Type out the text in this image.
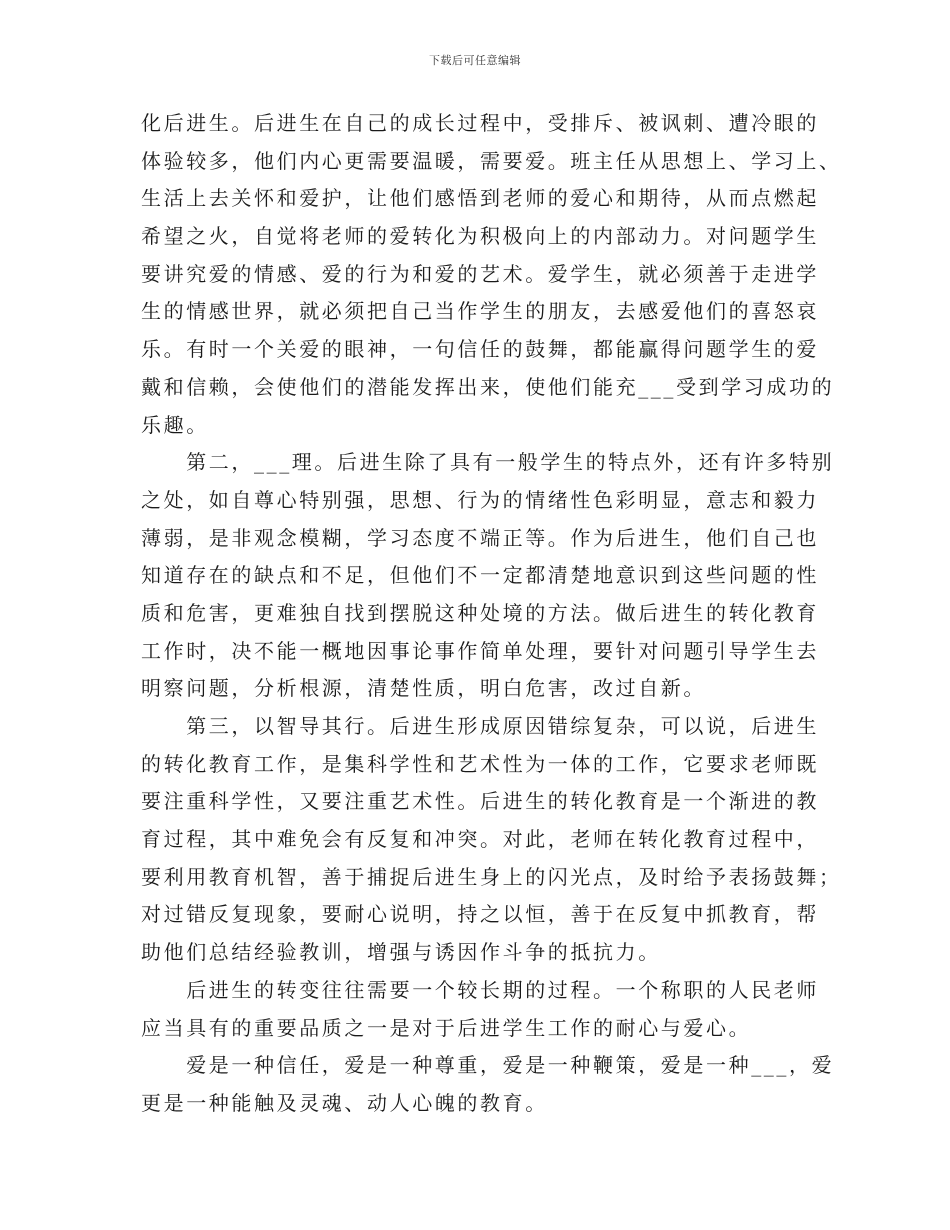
下载后可任意编辑
化后进生。后进生在自己的成长过程中，受排斥、被讽刺、遭冷眼的
体验较多，他们内心更需要温暖，需要爱。班主任从思想上、学习上、
生活上去关怀和爱护，让他们感悟到老师的爱心和期待，从而点燃起
希望之火，自觉将老师的爱转化为积极向上的内部动力。对问题学生
要讲究爱的情感、爱的行为和爱的艺术。爱学生，就必须善于走进学
生的情感世界，就必须把自己当作学生的朋友，去感爱他们的喜怒哀
乐。有时一个关爱的眼神，一句信任的鼓舞，都能赢得问题学生的爱
戴和信赖，会使他们的潜能发挥出来，使他们能充___受到学习成功的
乐趣。
　　第二，___理。后进生除了具有一般学生的特点外，还有许多特别
之处，如自尊心特别强，思想、行为的情绪性色彩明显，意志和毅力
薄弱，是非观念模糊，学习态度不端正等。作为后进生，他们自己也
知道存在的缺点和不足，但他们不一定都清楚地意识到这些问题的性
质和危害，更难独自找到摆脱这种处境的方法。做后进生的转化教育
工作时，决不能一概地因事论事作简单处理，要针对问题引导学生去
明察问题，分析根源，清楚性质，明白危害，改过自新。
　　第三，以智导其行。后进生形成原因错综复杂，可以说，后进生
的转化教育工作，是集科学性和艺术性为一体的工作，它要求老师既
要注重科学性，又要注重艺术性。后进生的转化教育是一个渐进的教
育过程，其中难免会有反复和冲突。对此，老师在转化教育过程中，
要利用教育机智，善于捕捉后进生身上的闪光点，及时给予表扬鼓舞；
对过错反复现象，要耐心说明，持之以恒，善于在反复中抓教育，帮
助他们总结经验教训，增强与诱因作斗争的抵抗力。
　　后进生的转变往往需要一个较长期的过程。一个称职的人民老师
应当具有的重要品质之一是对于后进学生工作的耐心与爱心。
　　爱是一种信任，爱是一种尊重，爱是一种鞭策，爱是一种___，爱
更是一种能触及灵魂、动人心魄的教育。
